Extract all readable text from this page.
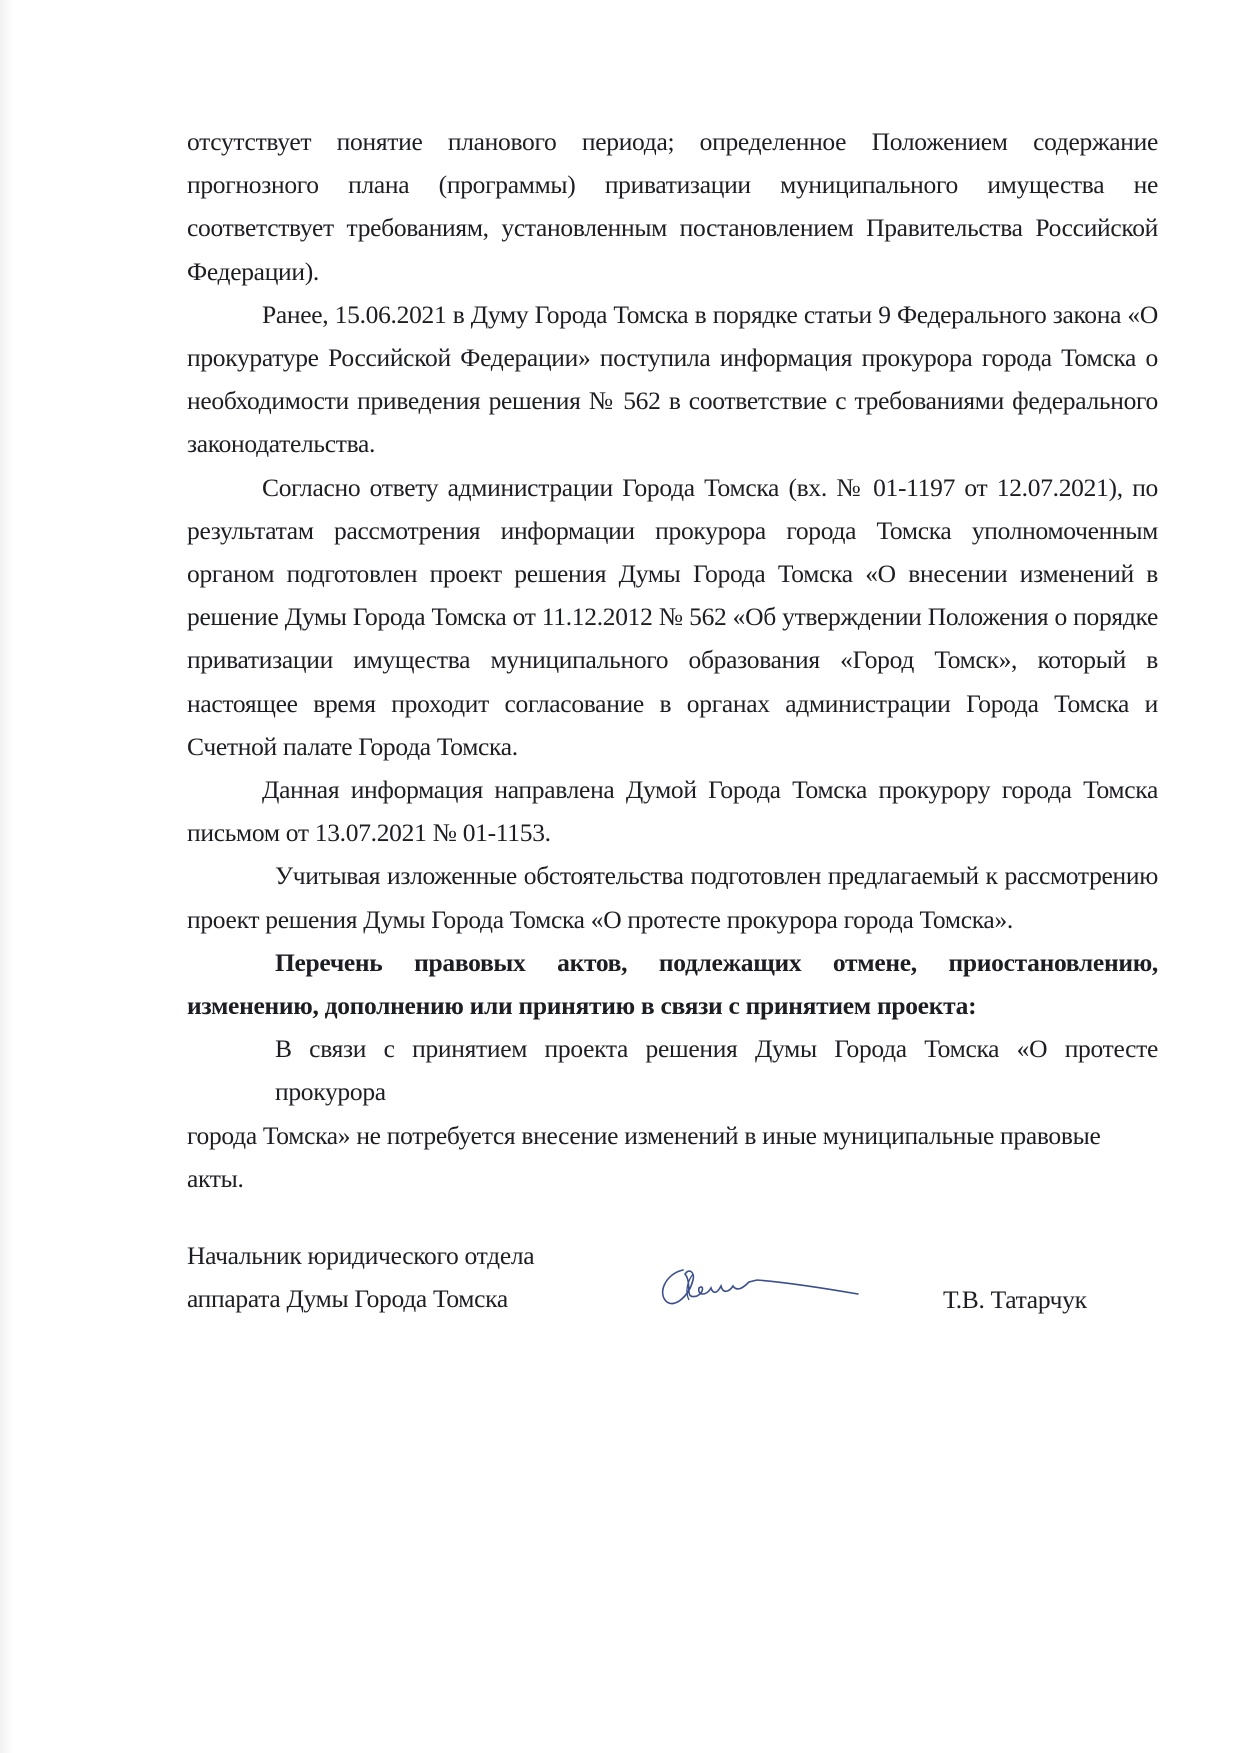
отсутствует понятие планового периода; определенное Положением содержание
прогнозного плана (программы) приватизации муниципального имущества не
соответствует требованиям, установленным постановлением Правительства Российской
Федерации).
Ранее, 15.06.2021 в Думу Города Томска в порядке статьи 9 Федерального закона «О
прокуратуре Российской Федерации» поступила информация прокурора города Томска о
необходимости приведения решения № 562 в соответствие с требованиями федерального
законодательства.
Согласно ответу администрации Города Томска (вх. № 01-1197 от 12.07.2021), по
результатам рассмотрения информации прокурора города Томска уполномоченным
органом подготовлен проект решения Думы Города Томска «О внесении изменений в
решение Думы Города Томска от 11.12.2012 № 562 «Об утверждении Положения о порядке
приватизации имущества муниципального образования «Город Томск», который в
настоящее время проходит согласование в органах администрации Города Томска и
Счетной палате Города Томска.
Данная информация направлена Думой Города Томска прокурору города Томска
письмом от 13.07.2021 № 01-1153.
Учитывая изложенные обстоятельства подготовлен предлагаемый к рассмотрению
проект решения Думы Города Томска «О протесте прокурора города Томска».
Перечень правовых актов, подлежащих отмене, приостановлению,
изменению, дополнению или принятию в связи с принятием проекта:
В связи с принятием проекта решения Думы Города Томска «О протесте прокурора
города Томска» не потребуется внесение изменений в иные муниципальные правовые акты.
Начальник юридического отдела
аппарата Думы Города Томска	Т.В. Татарчук
